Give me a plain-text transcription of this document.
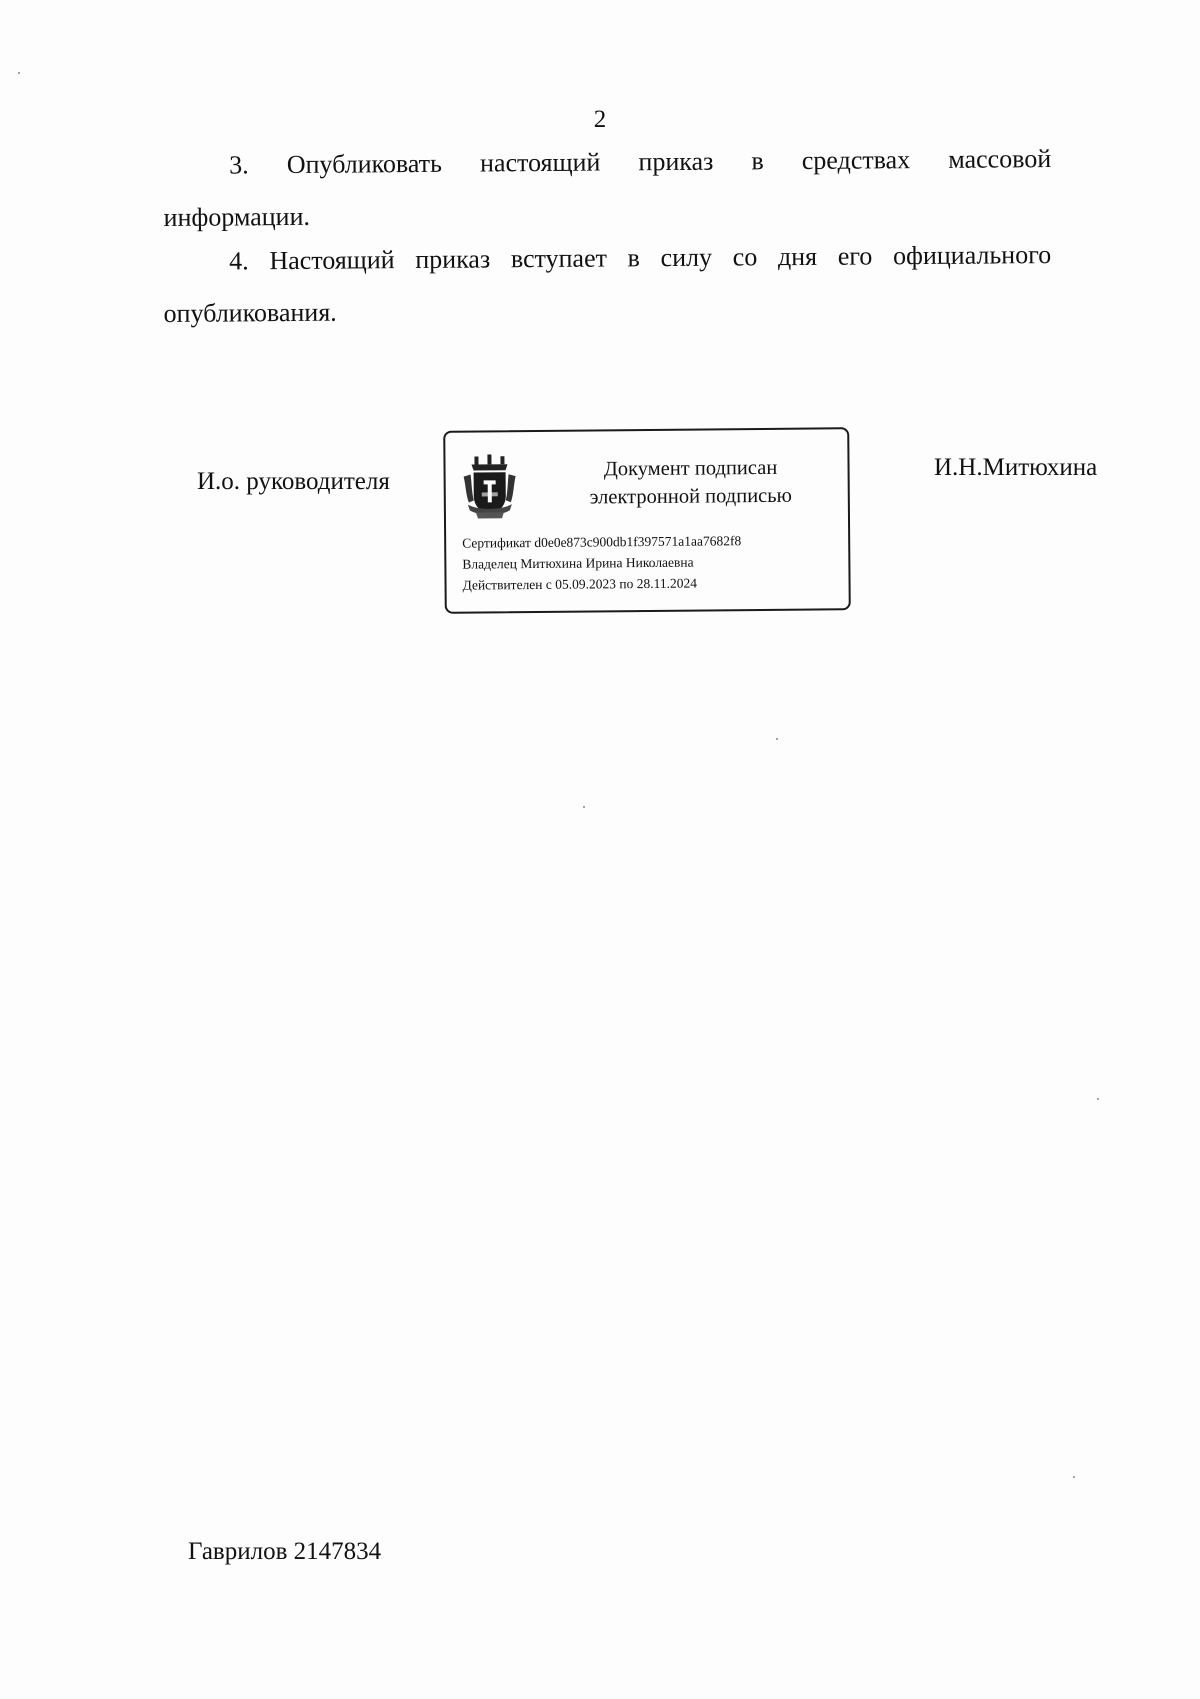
2
3. Опубликовать настоящий приказ в средствах массовой
информации.
4. Настоящий приказ вступает в силу со дня его официального
опубликования.
И.о. руководителя	Документ подписан
электронной подписью
Сертификат d0e0e873c900db1f397571a1aa7682f8
Владелец Митюхина Ирина Николаевна
Действителен с 05.09.2023 по 28.11.2024
И.Н.Митюхина
Гаврилов 2147834
